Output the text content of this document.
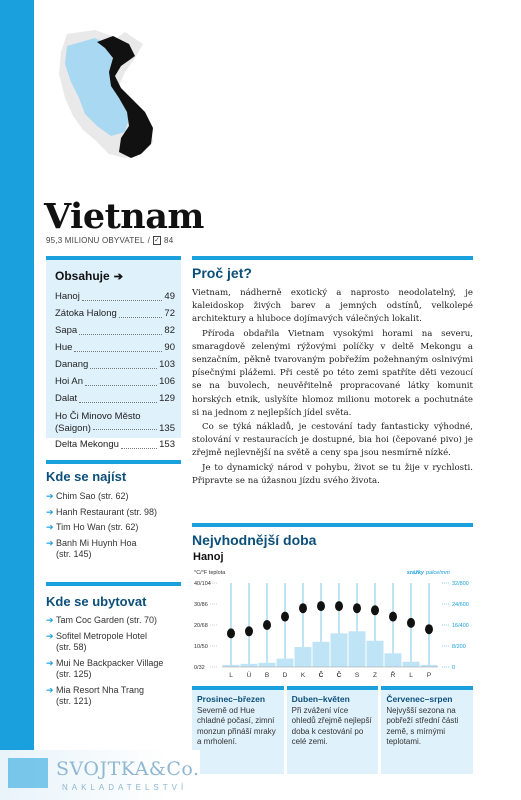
Vietnam
95,3 MILIONU OBYVATEL / ✓ 84
Obsahuje ➔
Hanoj	49
Zátoka Halong	72
Sapa	82
Hue	90
Danang	103
Hoi An	106
Dalat	129
Ho Či Minovo Město
(Saigon)	135
Delta Mekongu	153
Kde se najíst
➔ Chim Sao (str. 62)
➔ Hanh Restaurant (str. 98)
➔ Tim Ho Wan (str. 62)
➔ Banh Mi Huynh Hoa
(str. 145)
Kde se ubytovat
➔ Tam Coc Garden (str. 70)
➔ Sofitel Metropole Hotel
(str. 58)
➔ Mui Ne Backpacker Village
(str. 125)
➔ Mia Resort Nha Trang
(str. 121)
Proč jet?

Vietnam, nádherně exotický a naprosto neodolatelný, je kaleidoskop živých barev a jemných odstínů, velkolepé architektury a hluboce dojímavých válečných lokalit.

Příroda obdařila Vietnam vysokými horami na severu, smaragdově zelenými rýžovými políčky v deltě Mekongu a senzačním, pěkně tvarovaným pobřežím požehnaným oslnivými písečnými plážemi. Při cestě po této zemi spatříte děti vezoucí se na buvolech, neuvěřitelně propracované látky komunit horských etnik, uslyšíte hlomoz milionu motorek a pochutnáte si na jednom z nejlepších jídel světa.

Co se týká nákladů, je cestování tady fantasticky výhodné, stolování v restauracích je dostupné, bia hoi (čepované pivo) je zřejmě nejlevnější na světě a ceny spa jsou nesmírně nízké.

Je to dynamický národ v pohybu, život se tu žije v rychlosti. Připravte se na úžasnou jízdu svého života.

Nejvhodnější doba
Hanoj
°C/°F teplota	srážky palce/mm
40/104
30/86
20/68
10/50
0/32
32/800
24/600
16/400
8/200
0
L Ú B D K Č Č S Z Ř L P
Prosinec–březen
Severně od Hue chladné počasí, zimní monzun přináší mraky a mrholení.
Duben–květen
Při zvážení více ohledů zřejmě nejlepší doba k cestování po celé zemi.
Červenec–srpen
Nejvyšší sezona na pobřeží střední části země, s mírnými teplotami.
SVOJTKA&Co.
NAKLADATELSTVÍ
